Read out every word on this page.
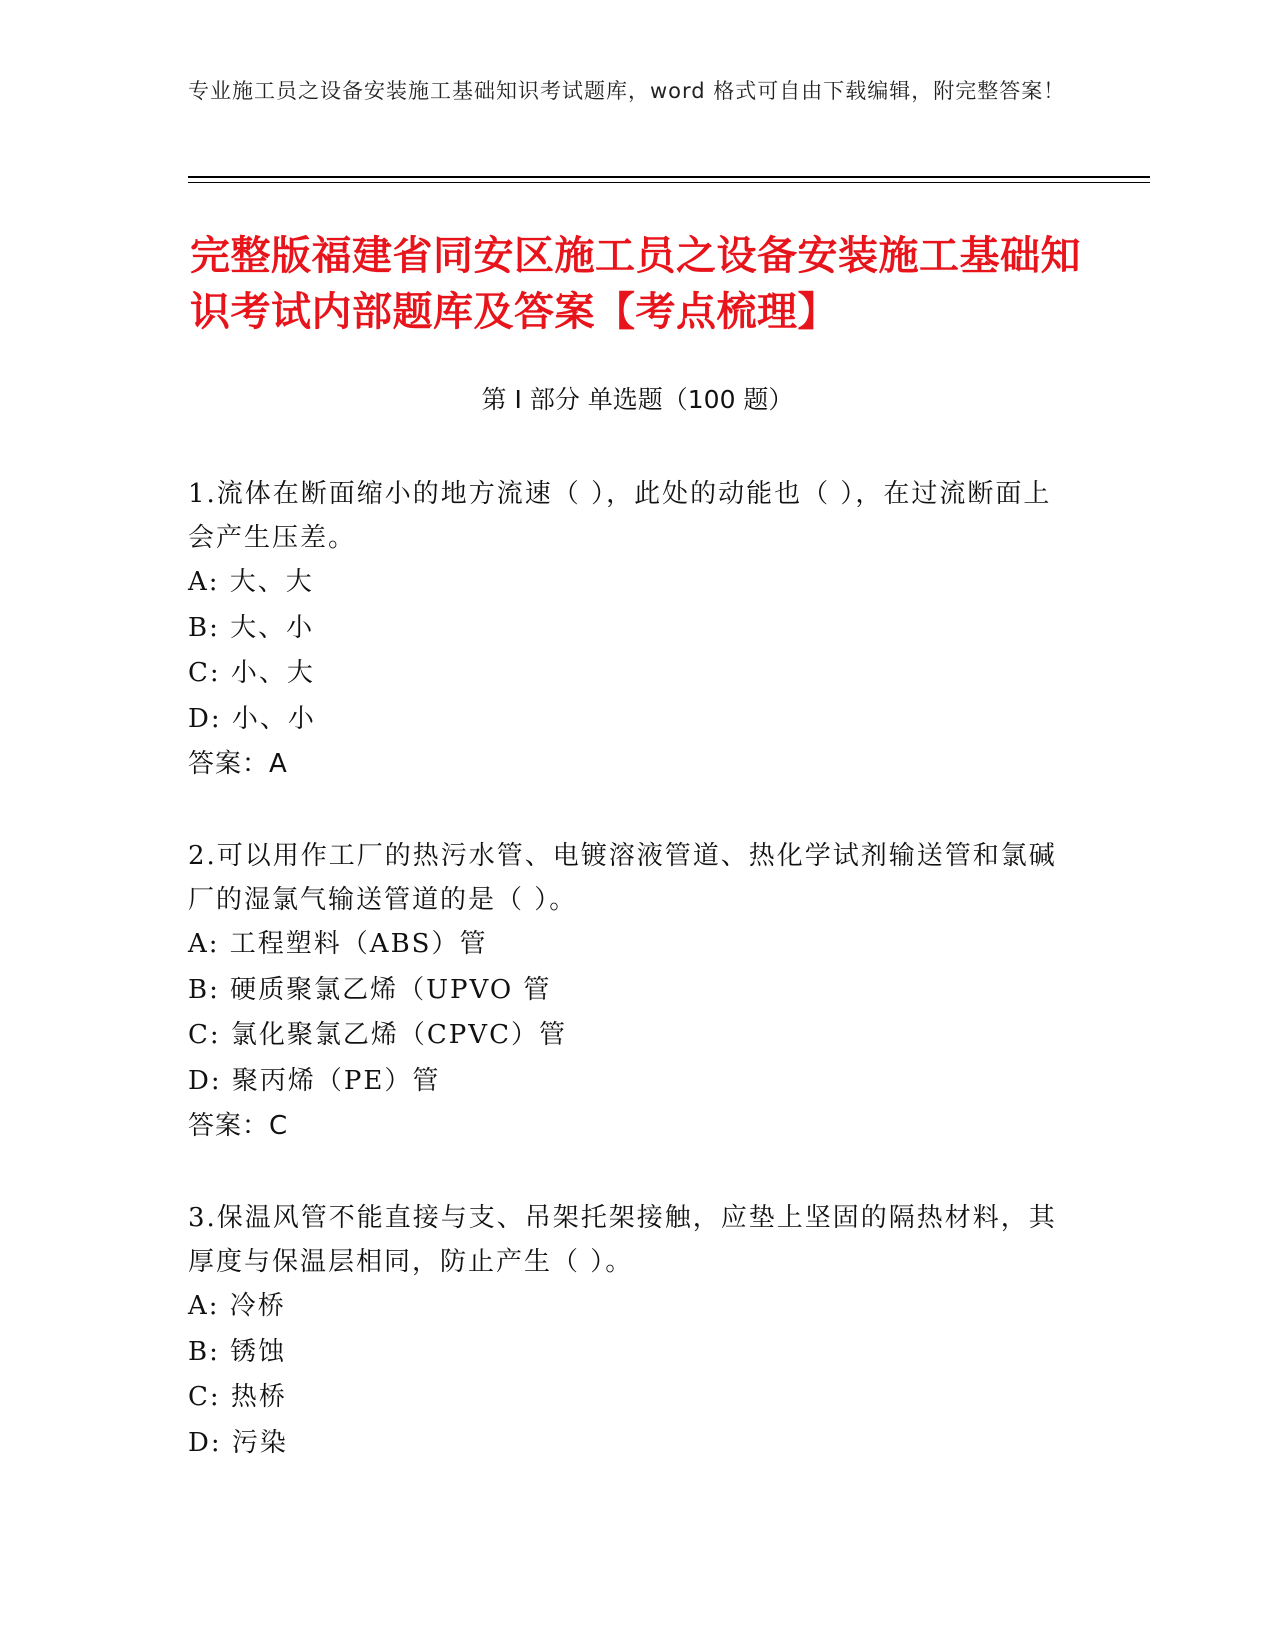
专业施工员之设备安装施工基础知识考试题库，word 格式可自由下载编辑，附完整答案！
完整版福建省同安区施工员之设备安装施工基础知识考试内部题库及答案【考点梳理】
第 I 部分 单选题（100 题）

1.流体在断面缩小的地方流速（ ），此处的动能也（ ），在过流断面上会产生压差。

A: 大、大

B: 大、小

C: 小、大

D: 小、小

答案：A

2.可以用作工厂的热污水管、电镀溶液管道、热化学试剂输送管和氯碱厂的湿氯气输送管道的是（ ）。

A: 工程塑料（ABS）管

B: 硬质聚氯乙烯（UPVO 管

C: 氯化聚氯乙烯（CPVC）管

D: 聚丙烯（PE）管

答案：C

3.保温风管不能直接与支、吊架托架接触，应垫上坚固的隔热材料，其厚度与保温层相同，防止产生（ ）。

A: 冷桥

B: 锈蚀

C: 热桥

D: 污染
